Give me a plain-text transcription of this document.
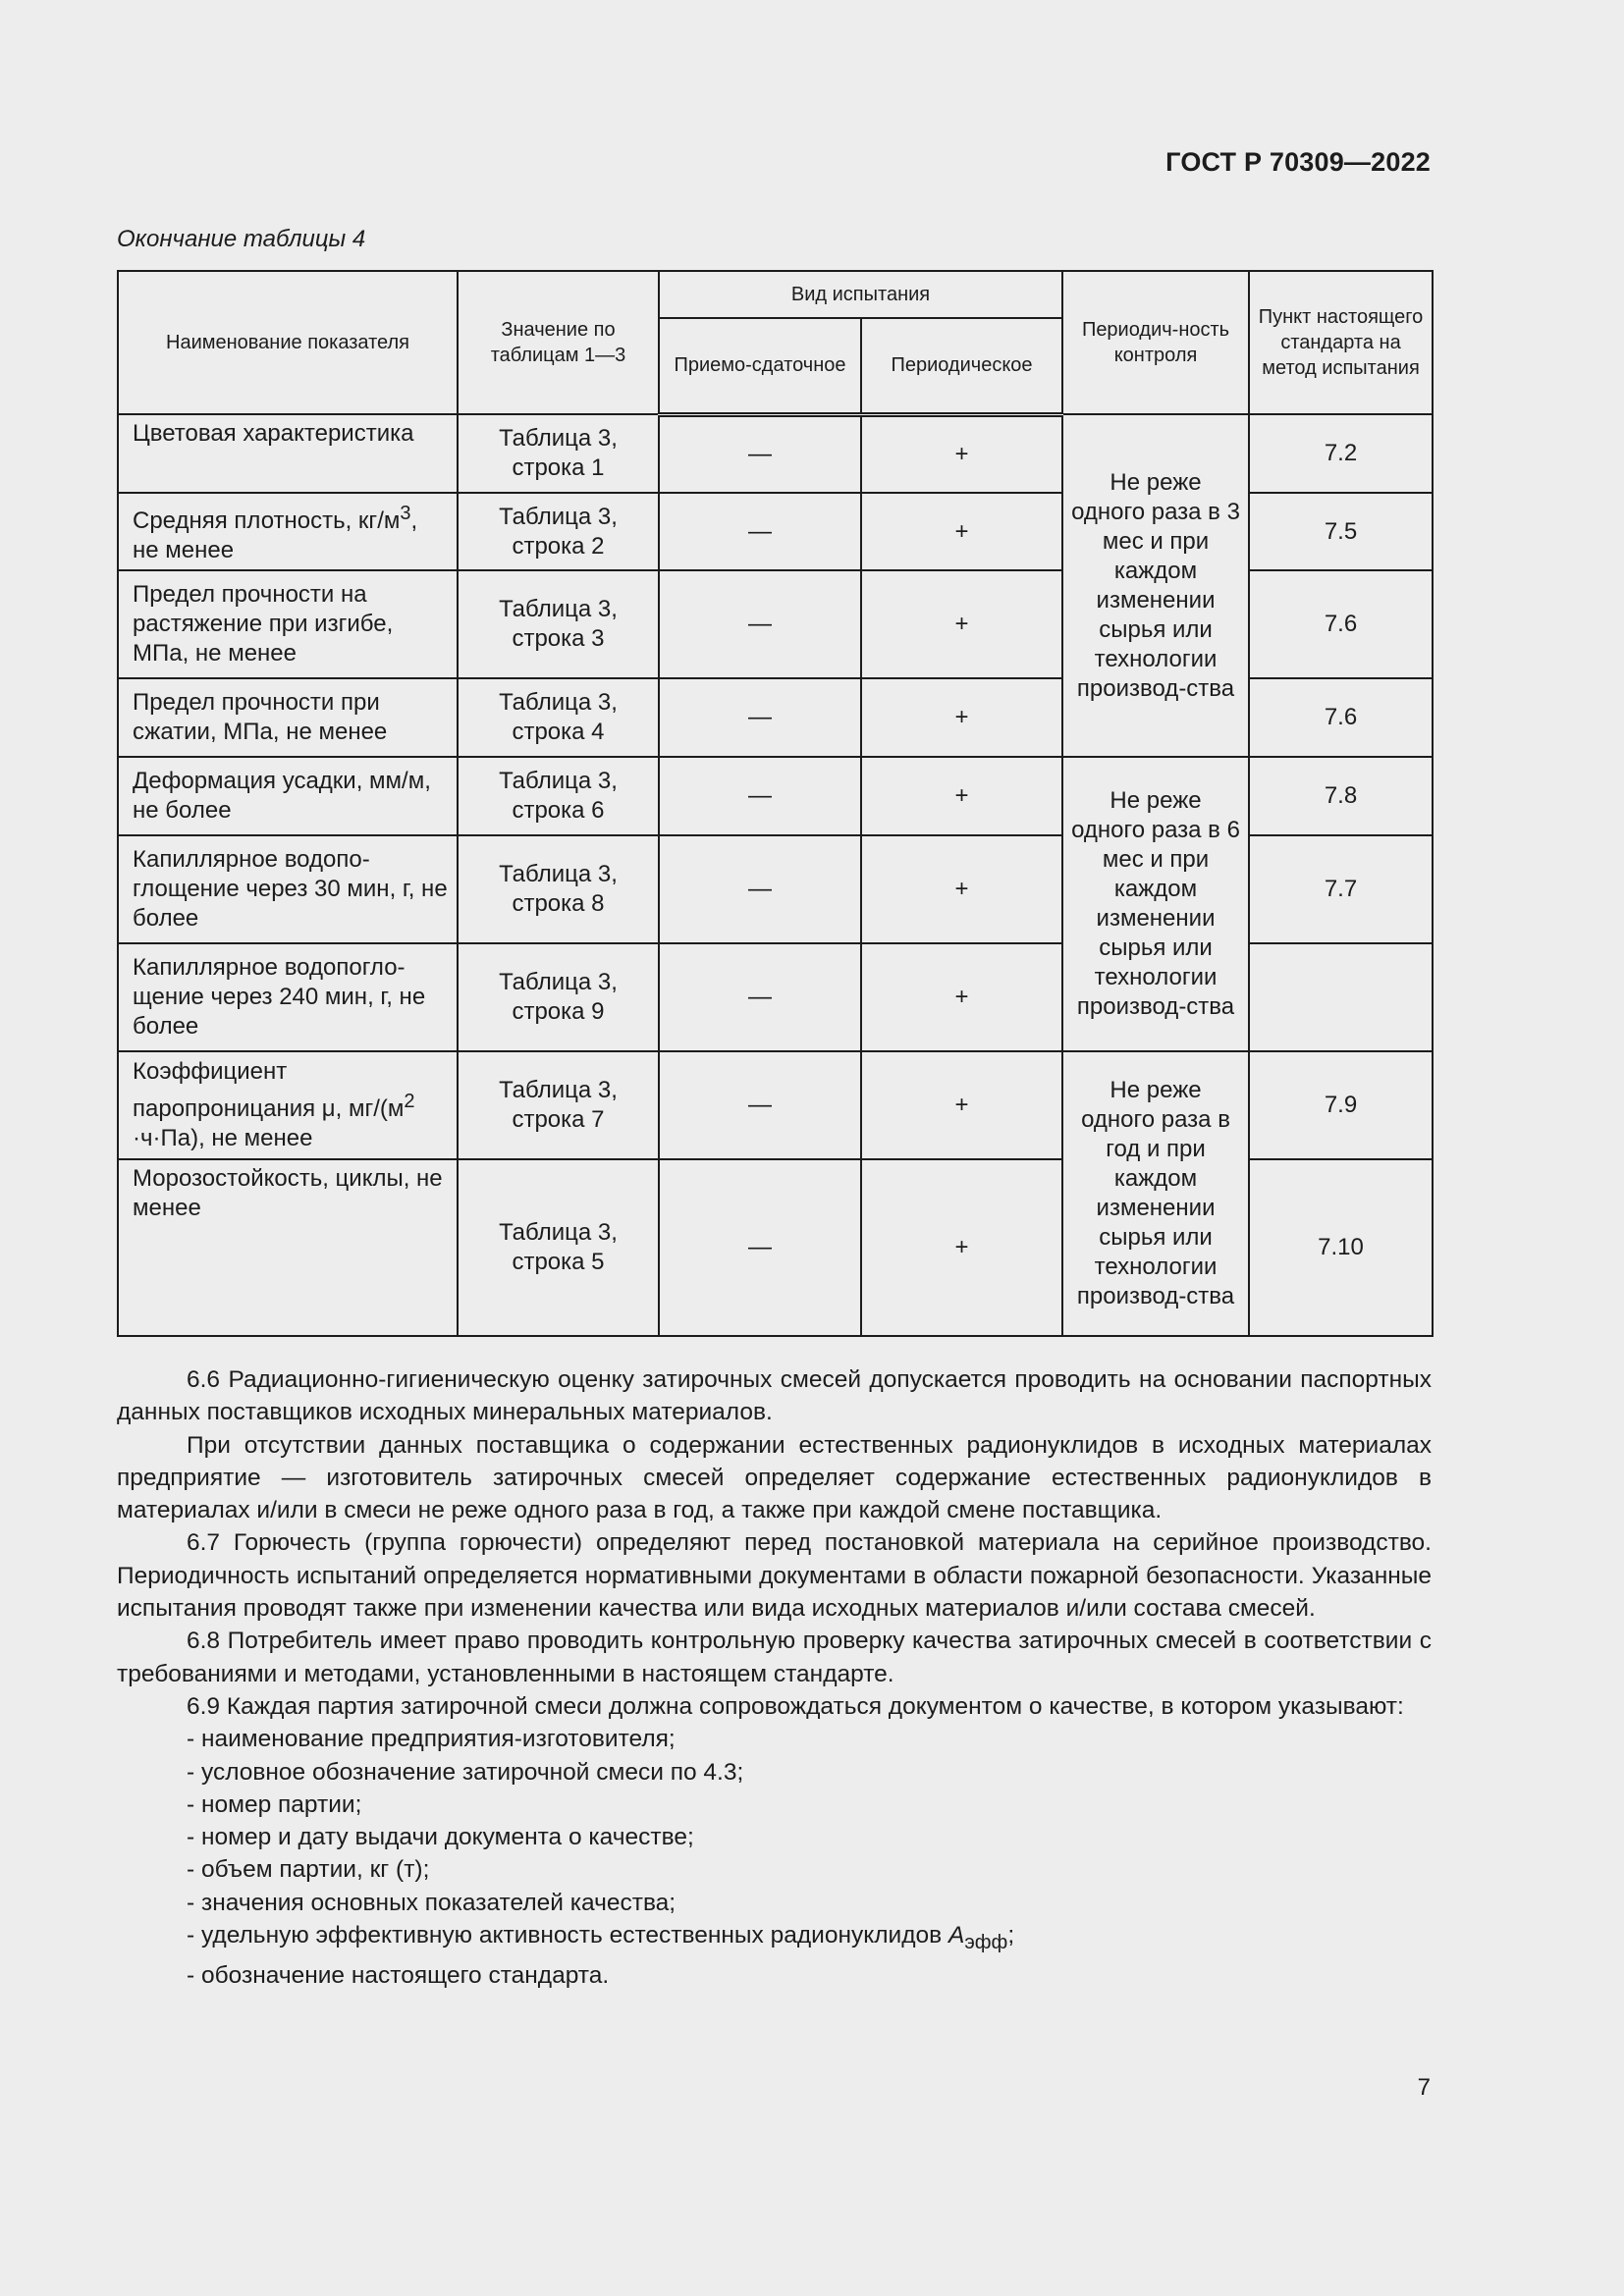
ГОСТ Р 70309—2022
Окончание таблицы 4
Наименование показателя	Значение по таблицам 1—3	Вид испытания		Периодич-ность контроля	Пункт настоящего стандарта на метод испытания
		Приемо-сдаточное	Периодическое		
Цветовая характеристика	Таблица 3, строка 1	—	+	Не реже одного раза в 3 мес и при каждом изменении сырья или технологии производ-ства	7.2
Средняя плотность, $кг/м^3$, не менее	Таблица 3, строка 2	—	+		7.5
Предел прочности на растяжение при изгибе, МПа, не менее	Таблица 3, строка 3	—	+		7.6
Предел прочности при сжатии, МПа, не менее	Таблица 3, строка 4	—	+		7.6
Деформация усадки, мм/м, не более	Таблица 3, строка 6	—	+	Не реже одного раза в 6 мес и при каждом изменении сырья или технологии производ-ства	7.8
Капиллярное водопо-глощение через 30 мин, г, не более	Таблица 3, строка 8	—	+		7.7
Капиллярное водопогло-щение через 240 мин, г, не более	Таблица 3, строка 9	—	+		
Коэффициент паропроницания μ, $мг/(м^2 \cdot ч\cdot Па)$, не менее	Таблица 3, строка 7	—	+	Не реже одного раза в год и при каждом изменении сырья или технологии производ-ства	7.9
Морозостойкость, циклы, не менее	Таблица 3, строка 5	—	+		7.10

6.6 Радиационно-гигиеническую оценку затирочных смесей допускается проводить на основании паспортных данных поставщиков исходных минеральных материалов.

При отсутствии данных поставщика о содержании естественных радионуклидов в исходных материалах предприятие — изготовитель затирочных смесей определяет содержание естественных радионуклидов в материалах и/или в смеси не реже одного раза в год, а также при каждой смене поставщика.

6.7 Горючесть (группа горючести) определяют перед постановкой материала на серийное производство. Периодичность испытаний определяется нормативными документами в области пожарной безопасности. Указанные испытания проводят также при изменении качества или вида исходных материалов и/или состава смесей.

6.8 Потребитель имеет право проводить контрольную проверку качества затирочных смесей в соответствии с требованиями и методами, установленными в настоящем стандарте.

6.9 Каждая партия затирочной смеси должна сопровождаться документом о качестве, в котором указывают:

- наименование предприятия-изготовителя;
- условное обозначение затирочной смеси по 4.3;
- номер партии;
- номер и дату выдачи документа о качестве;
- объем партии, кг (т);
- значения основных показателей качества;
- удельную эффективную активность естественных радионуклидов $A_{эфф}$;
- обозначение настоящего стандарта.
7
